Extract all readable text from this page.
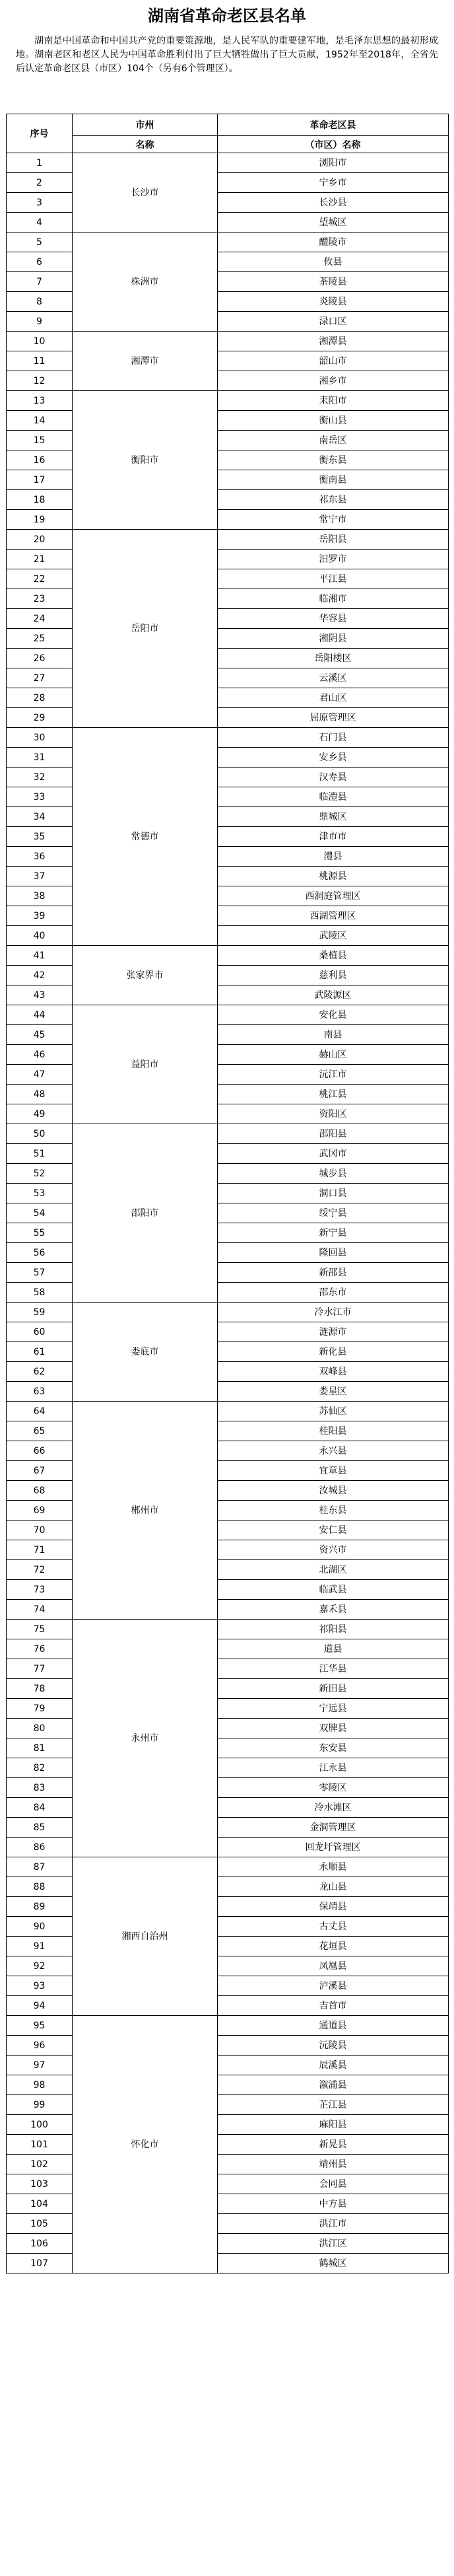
湖南省革命老区县名单
湖南是中国革命和中国共产党的重要策源地，是人民军队的重要建军地，是毛泽东思想的最初形成地。湖南老区和老区人民为中国革命胜利付出了巨大牺牲做出了巨大贡献，1952年至2018年，全省先后认定革命老区县（市区）104个（另有6个管理区）。
序号	市州	革命老区县
	名称	（市区）名称
1	长沙市	浏阳市
2		宁乡市
3		长沙县
4		望城区
5	株洲市	醴陵市
6		攸县
7		茶陵县
8		炎陵县
9		渌口区
10	湘潭市	湘潭县
11		韶山市
12		湘乡市
13	衡阳市	耒阳市
14		衡山县
15		南岳区
16		衡东县
17		衡南县
18		祁东县
19		常宁市
20	岳阳市	岳阳县
21		汨罗市
22		平江县
23		临湘市
24		华容县
25		湘阴县
26		岳阳楼区
27		云溪区
28		君山区
29		屈原管理区
30	常德市	石门县
31		安乡县
32		汉寿县
33		临澧县
34		鼎城区
35		津市市
36		澧县
37		桃源县
38		西洞庭管理区
39		西湖管理区
40		武陵区
41	张家界市	桑植县
42		慈利县
43		武陵源区
44	益阳市	安化县
45		南县
46		赫山区
47		沅江市
48		桃江县
49		资阳区
50	邵阳市	邵阳县
51		武冈市
52		城步县
53		洞口县
54		绥宁县
55		新宁县
56		隆回县
57		新邵县
58		邵东市
59	娄底市	冷水江市
60		涟源市
61		新化县
62		双峰县
63		娄星区
64	郴州市	苏仙区
65		桂阳县
66		永兴县
67		宜章县
68		汝城县
69		桂东县
70		安仁县
71		资兴市
72		北湖区
73		临武县
74		嘉禾县
75	永州市	祁阳县
76		道县
77		江华县
78		新田县
79		宁远县
80		双牌县
81		东安县
82		江永县
83		零陵区
84		冷水滩区
85		金洞管理区
86		回龙圩管理区
87	湘西自治州	永顺县
88		龙山县
89		保靖县
90		古丈县
91		花垣县
92		凤凰县
93		泸溪县
94		吉首市
95	怀化市	通道县
96		沅陵县
97		辰溪县
98		溆浦县
99		芷江县
100		麻阳县
101		新晃县
102		靖州县
103		会同县
104		中方县
105		洪江市
106		洪江区
107		鹤城区
